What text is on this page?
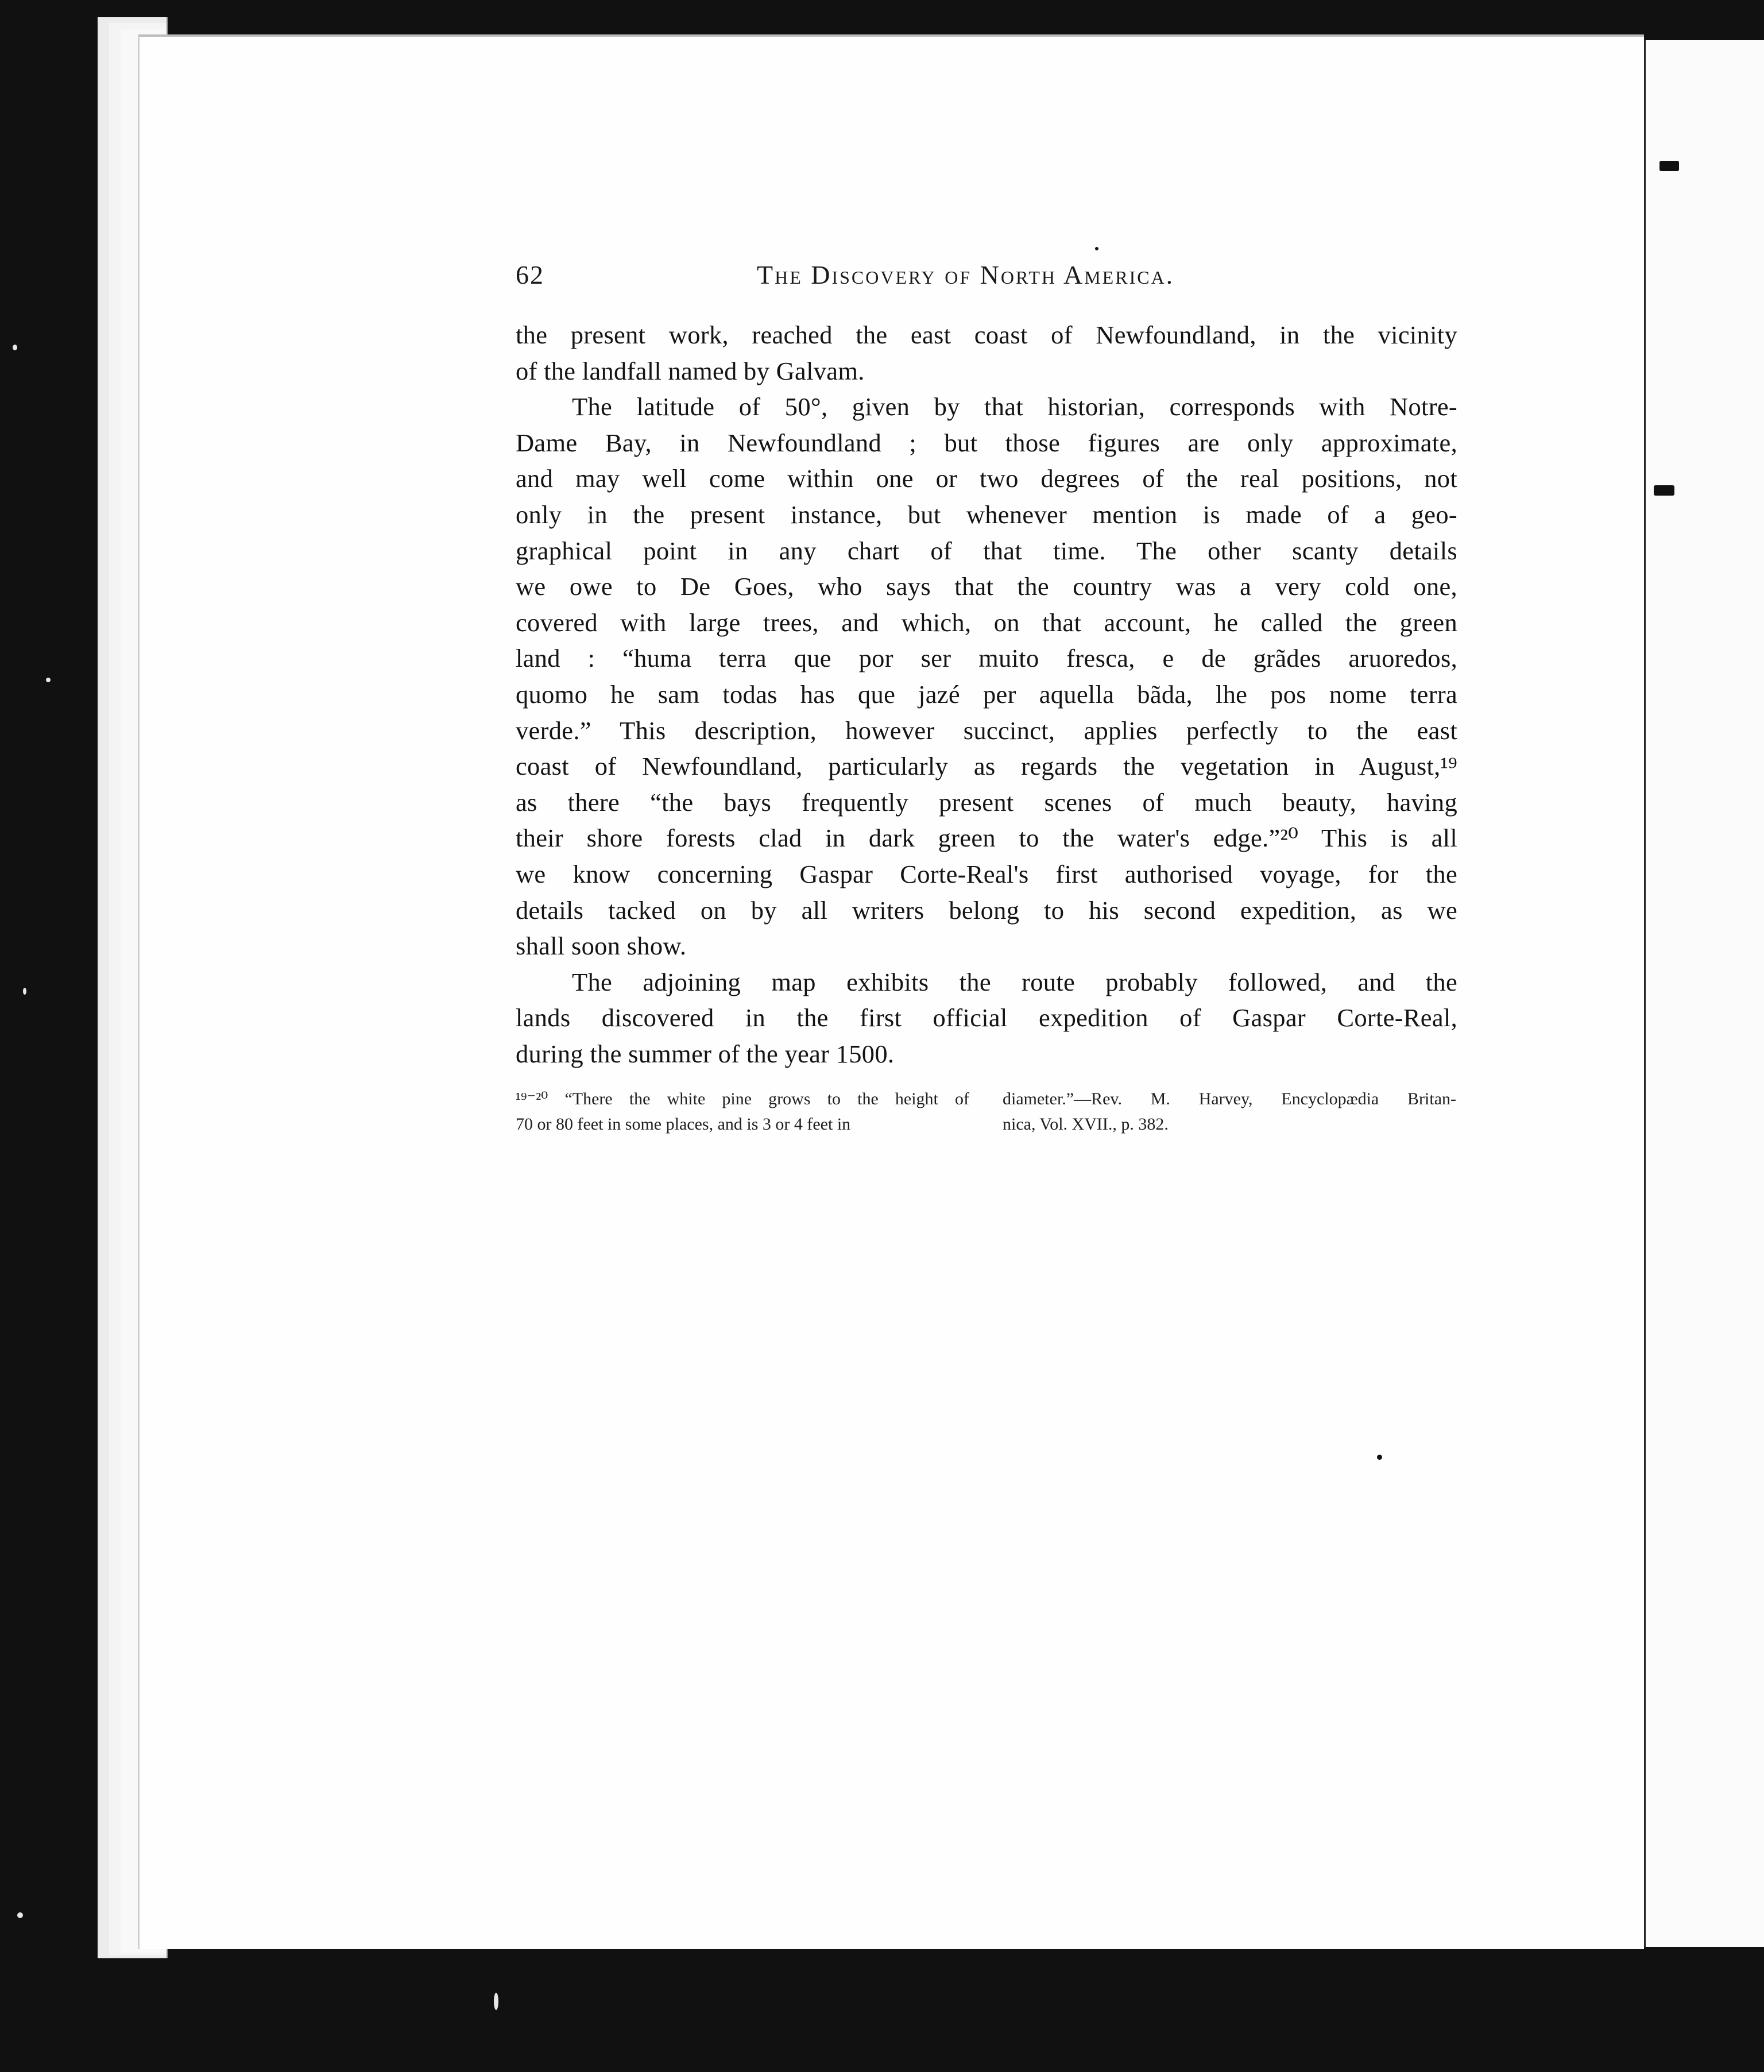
62	The Discovery of North America.
the present work, reached the east coast of Newfoundland, in the vicinity
of the landfall named by Galvam.
The latitude of 50°, given by that historian, corresponds with Notre-
Dame Bay, in Newfoundland ; but those figures are only approximate,
and may well come within one or two degrees of the real positions, not
only in the present instance, but whenever mention is made of a geo-
graphical point in any chart of that time. The other scanty details
we owe to De Goes, who says that the country was a very cold one,
covered with large trees, and which, on that account, he called the green
land : “huma terra que por ser muito fresca, e de grãdes aruoredos,
quomo he sam todas has que jazé per aquella bãda, lhe pos nome terra
verde.” This description, however succinct, applies perfectly to the east
coast of Newfoundland, particularly as regards the vegetation in August,¹⁹
as there “the bays frequently present scenes of much beauty, having
their shore forests clad in dark green to the water's edge.”²⁰ This is all
we know concerning Gaspar Corte-Real's first authorised voyage, for the
details tacked on by all writers belong to his second expedition, as we
shall soon show.
The adjoining map exhibits the route probably followed, and the
lands discovered in the first official expedition of Gaspar Corte-Real,
during the summer of the year 1500.
¹⁹⁻²⁰ “There the white pine grows to the height of
70 or 80 feet in some places, and is 3 or 4 feet in
diameter.”—Rev. M. Harvey, Encyclopædia Britan-
nica, Vol. XVII., p. 382.
